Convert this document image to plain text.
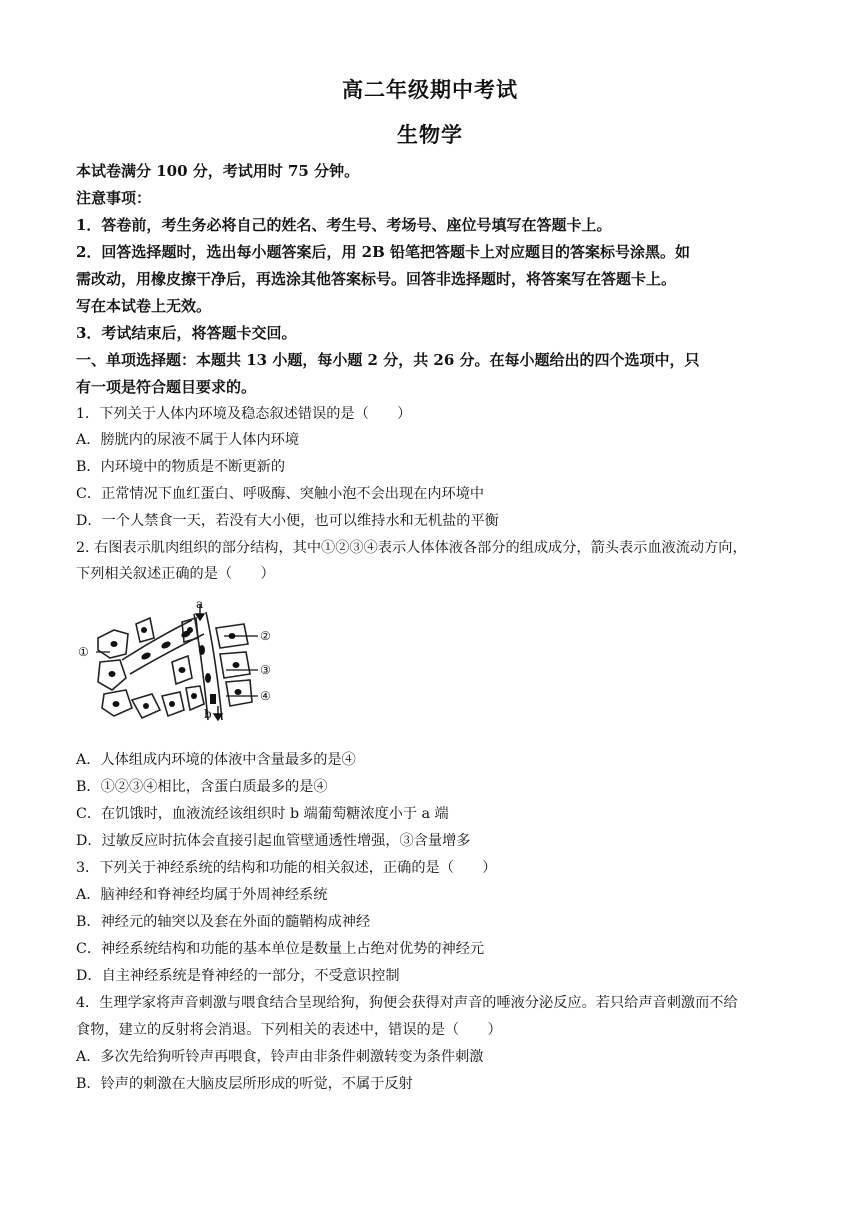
高二年级期中考试
生物学
本试卷满分 100 分，考试用时 75 分钟。
注意事项：
1．答卷前，考生务必将自己的姓名、考生号、考场号、座位号填写在答题卡上。
2．回答选择题时，选出每小题答案后，用 2B 铅笔把答题卡上对应题目的答案标号涂黑。如
需改动，用橡皮擦干净后，再选涂其他答案标号。回答非选择题时，将答案写在答题卡上。
写在本试卷上无效。
3．考试结束后，将答题卡交回。
一、单项选择题：本题共 13 小题，每小题 2 分，共 26 分。在每小题给出的四个选项中，只
有一项是符合题目要求的。
1．下列关于人体内环境及稳态叙述错误的是（　　）
A．膀胱内的尿液不属于人体内环境
B．内环境中的物质是不断更新的
C．正常情况下血红蛋白、呼吸酶、突触小泡不会出现在内环境中
D．一个人禁食一天，若没有大小便，也可以维持水和无机盐的平衡
2. 右图表示肌肉组织的部分结构，其中①②③④表示人体体液各部分的组成成分，箭头表示血液流动方向，
下列相关叙述正确的是（　　）
a
b
①
②
③
④
A．人体组成内环境的体液中含量最多的是④
B．①②③④相比，含蛋白质最多的是④
C．在饥饿时，血液流经该组织时 b 端葡萄糖浓度小于 a 端
D．过敏反应时抗体会直接引起血管壁通透性增强，③含量增多
3．下列关于神经系统的结构和功能的相关叙述，正确的是（　　）
A．脑神经和脊神经均属于外周神经系统
B．神经元的轴突以及套在外面的髓鞘构成神经
C．神经系统结构和功能的基本单位是数量上占绝对优势的神经元
D．自主神经系统是脊神经的一部分，不受意识控制
4．生理学家将声音刺激与喂食结合呈现给狗，狗便会获得对声音的唾液分泌反应。若只给声音刺激而不给
食物，建立的反射将会消退。下列相关的表述中，错误的是（　　）
A．多次先给狗听铃声再喂食，铃声由非条件刺激转变为条件刺激
B．铃声的刺激在大脑皮层所形成的听觉，不属于反射
